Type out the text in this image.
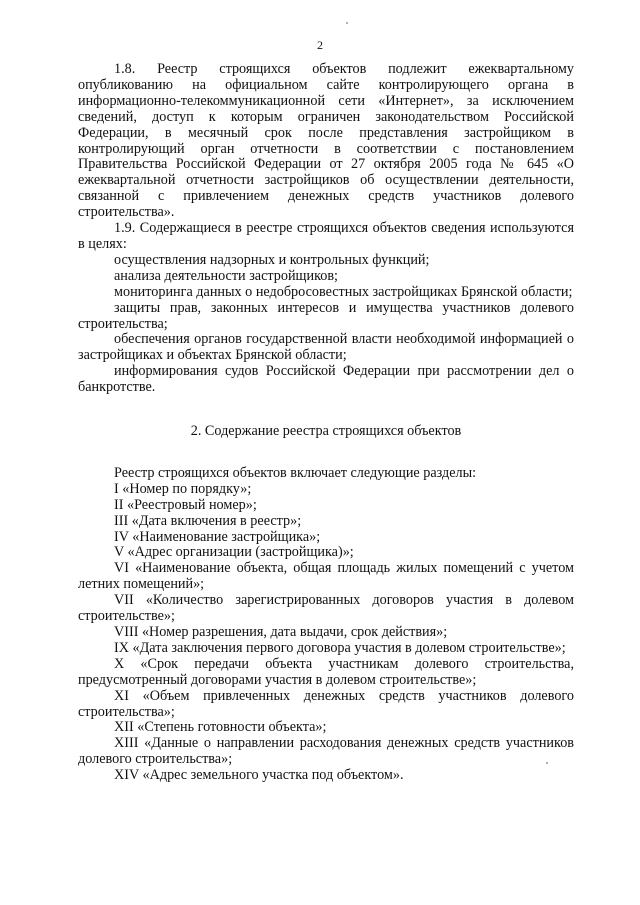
2

1.8. Реестр строящихся объектов подлежит ежеквартальному опубликованию на официальном сайте контролирующего органа в информационно-телекоммуникационной сети «Интернет», за исключением сведений, доступ к которым ограничен законодательством Российской Федерации, в месячный срок после представления застройщиком в контролирующий орган отчетности в соответствии с постановлением Правительства Российской Федерации от 27 октября 2005 года № 645 «О ежеквартальной отчетности застройщиков об осуществлении деятельности, связанной с привлечением денежных средств участников долевого строительства».

1.9. Содержащиеся в реестре строящихся объектов сведения используются в целях:

осуществления надзорных и контрольных функций;

анализа деятельности застройщиков;

мониторинга данных о недобросовестных застройщиках Брянской области;

защиты прав, законных интересов и имущества участников долевого строительства;

обеспечения органов государственной власти необходимой информацией о застройщиках и объектах Брянской области;

информирования судов Российской Федерации при рассмотрении дел о банкротстве.

2. Содержание реестра строящихся объектов

Реестр строящихся объектов включает следующие разделы:

I «Номер по порядку»;

II «Реестровый номер»;

III «Дата включения в реестр»;

IV «Наименование застройщика»;

V «Адрес организации (застройщика)»;

VI «Наименование объекта, общая площадь жилых помещений с учетом летних помещений»;

VII «Количество зарегистрированных договоров участия в долевом строительстве»;

VIII «Номер разрешения, дата выдачи, срок действия»;

IX «Дата заключения первого договора участия в долевом строительстве»;

X «Срок передачи объекта участникам долевого строительства, предусмотренный договорами участия в долевом строительстве»;

XI «Объем привлеченных денежных средств участников долевого строительства»;

XII «Степень готовности объекта»;

XIII «Данные о направлении расходования денежных средств участников долевого строительства»;

XIV «Адрес земельного участка под объектом».
